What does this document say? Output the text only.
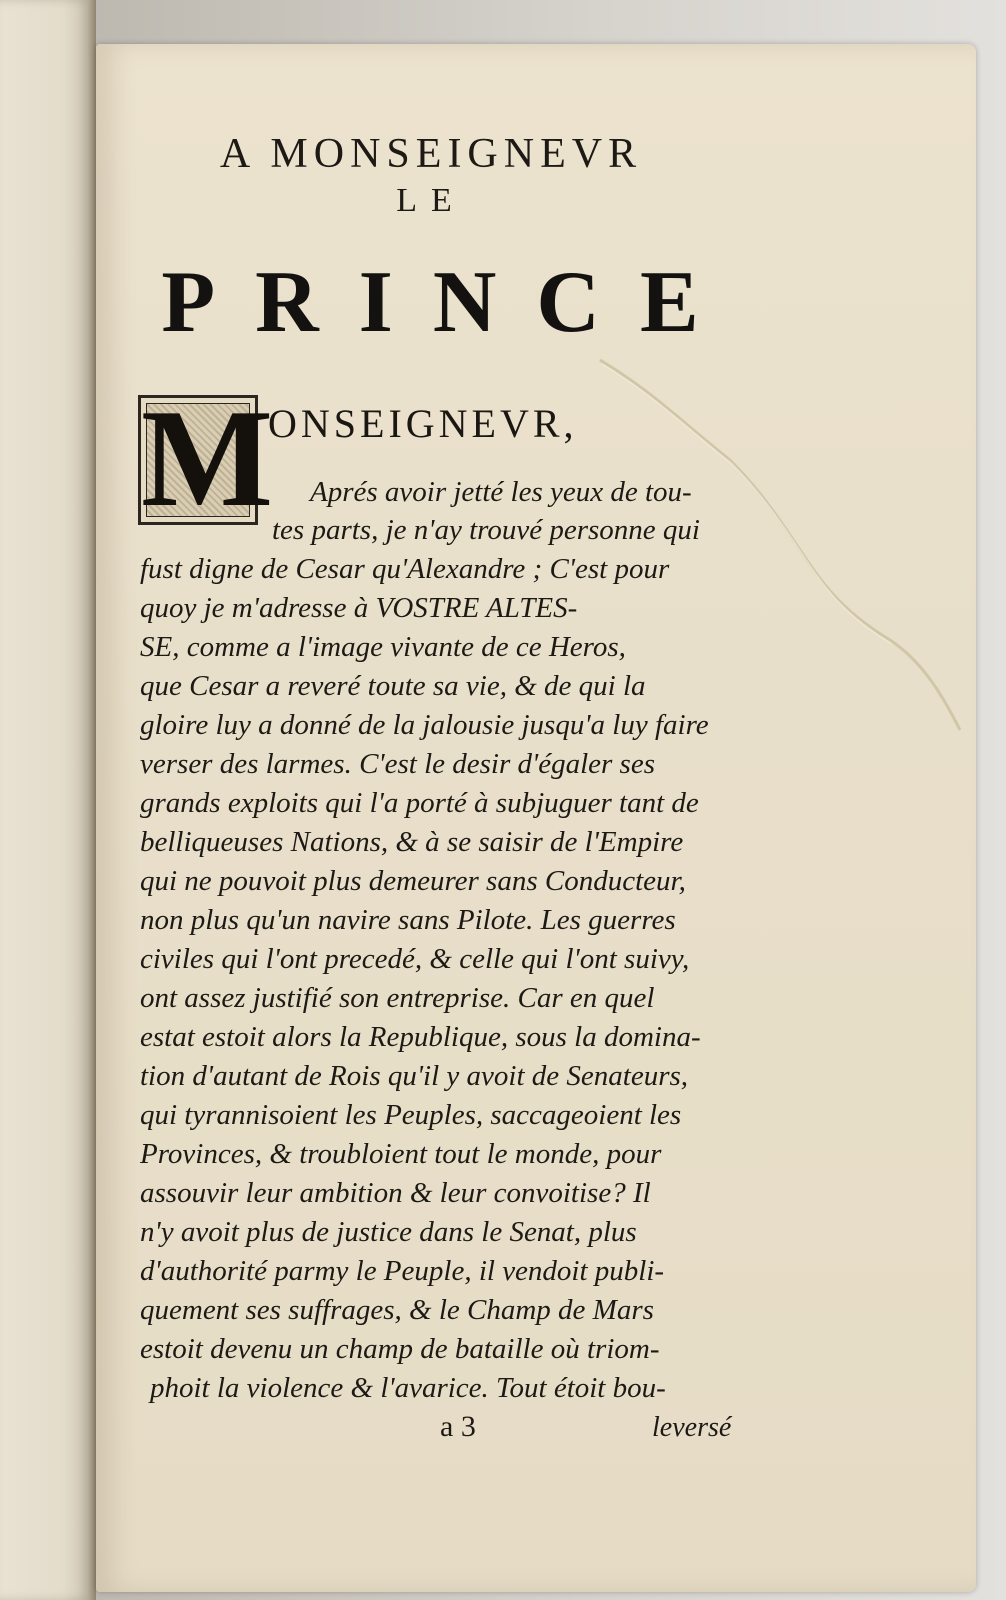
A MONSEIGNEVR
LE
PRINCE
M
ONSEIGNEVR,
Aprés avoir jetté les yeux de tou-
tes parts, je n'ay trouvé personne qui
fust digne de Cesar qu'Alexandre ; C'est pour
quoy je m'adresse à VOSTRE ALTES-
SE, comme a l'image vivante de ce Heros,
que Cesar a reveré toute sa vie, & de qui la
gloire luy a donné de la jalousie jusqu'a luy faire
verser des larmes. C'est le desir d'égaler ses
grands exploits qui l'a porté à subjuguer tant de
belliqueuses Nations, & à se saisir de l'Empire
qui ne pouvoit plus demeurer sans Conducteur,
non plus qu'un navire sans Pilote. Les guerres
civiles qui l'ont precedé, & celle qui l'ont suivy,
ont assez justifié son entreprise. Car en quel
estat estoit alors la Republique, sous la domina-
tion d'autant de Rois qu'il y avoit de Senateurs,
qui tyrannisoient les Peuples, saccageoient les
Provinces, & troubloient tout le monde, pour
assouvir leur ambition & leur convoitise? Il
n'y avoit plus de justice dans le Senat, plus
d'authorité parmy le Peuple, il vendoit publi-
quement ses suffrages, & le Champ de Mars
estoit devenu un champ de bataille où triom-
phoit la violence & l'avarice. Tout étoit bou-
a 3	leversé
